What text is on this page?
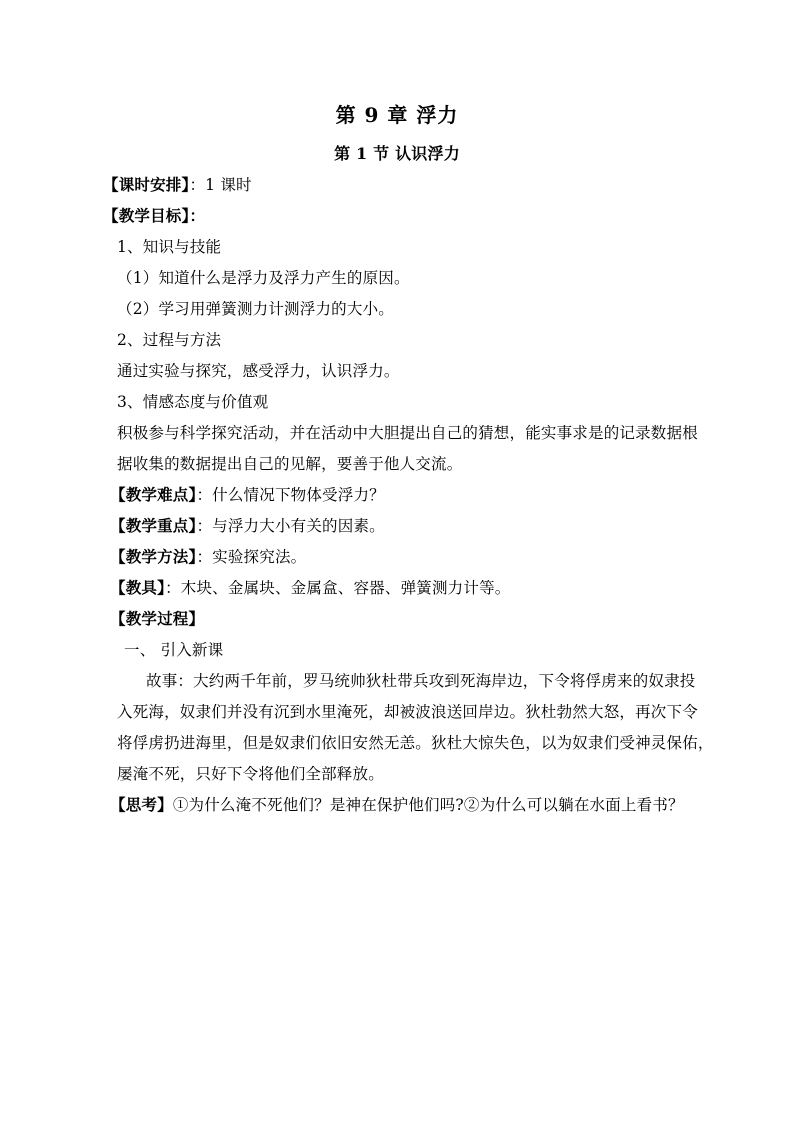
第 9 章 浮力
第 1 节 认识浮力
【课时安排】：1 课时
【教学目标】：
1、知识与技能
（1）知道什么是浮力及浮力产生的原因。
（2）学习用弹簧测力计测浮力的大小。
2、过程与方法
通过实验与探究，感受浮力，认识浮力。
3、情感态度与价值观
积极参与科学探究活动，并在活动中大胆提出自己的猜想，能实事求是的记录数据根
据收集的数据提出自己的见解，要善于他人交流。
【教学难点】：什么情况下物体受浮力？
【教学重点】：与浮力大小有关的因素。
【教学方法】：实验探究法。
【教具】：木块、金属块、金属盒、容器、弹簧测力计等。
【教学过程】
一、 引入新课
故事：大约两千年前，罗马统帅狄杜带兵攻到死海岸边，下令将俘虏来的奴隶投
入死海，奴隶们并没有沉到水里淹死，却被波浪送回岸边。狄杜勃然大怒，再次下令
将俘虏扔进海里，但是奴隶们依旧安然无恙。狄杜大惊失色，以为奴隶们受神灵保佑，
屡淹不死，只好下令将他们全部释放。
【思考】①为什么淹不死他们？是神在保护他们吗?②为什么可以躺在水面上看书？
